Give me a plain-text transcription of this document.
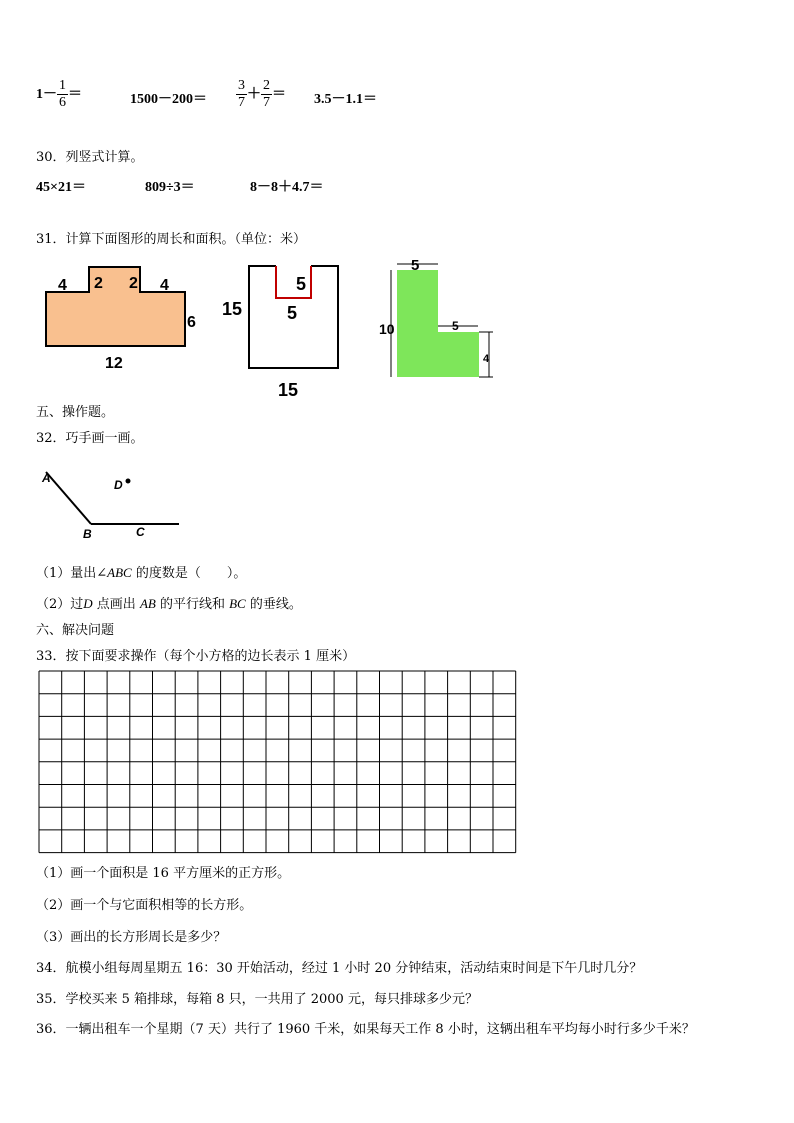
$1- \frac{1}{6}$ ＝	$1500-200= \frac{3}{7} + \frac{2}{7} = 3.5-1.1=$
30．列竖式计算。
45×21＝	809÷3＝	8－8＋4.7＝
31．计算下面图形的周长和面积。（单位：米）
4 2 2 4
6
12
15
5
5
15
5
10	5
4
五、操作题。
32．巧手画一画。
A
B	C
D
（1）量出∠ABC 的度数是（　　）。
（2）过D 点画出 AB 的平行线和 BC 的垂线。
六、解决问题
33．按下面要求操作（每个小方格的边长表示 1 厘米）
（1）画一个面积是 16 平方厘米的正方形。
（2）画一个与它面积相等的长方形。
（3）画出的长方形周长是多少？
34．航模小组每周星期五 16：30 开始活动，经过 1 小时 20 分钟结束，活动结束时间是下午几时几分？
35．学校买来 5 箱排球，每箱 8 只，一共用了 2000 元，每只排球多少元？
36．一辆出租车一个星期（7 天）共行了 1960 千米，如果每天工作 8 小时，这辆出租车平均每小时行多少千米？
